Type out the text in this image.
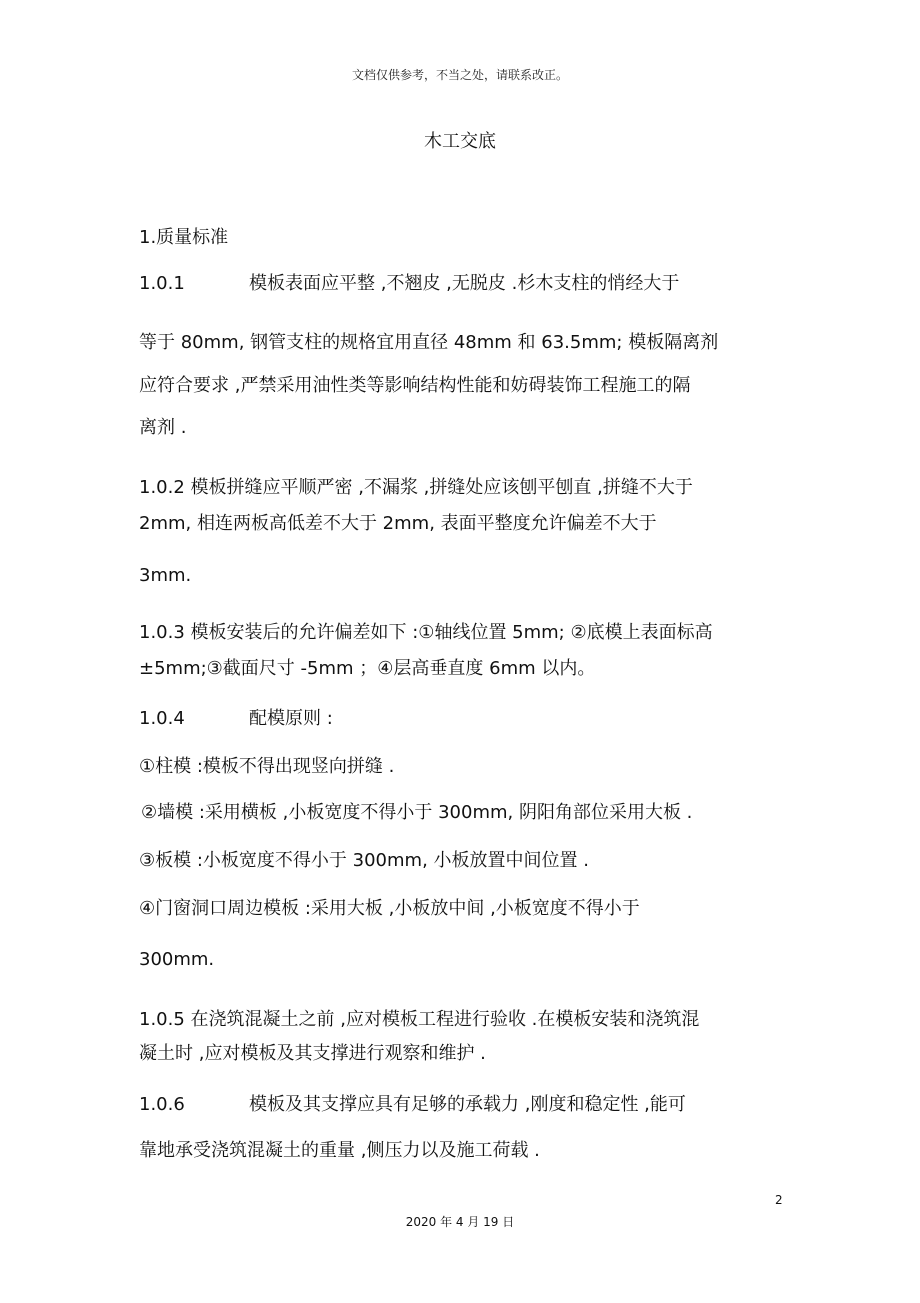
文档仅供参考，不当之处，请联系改正。

木工交底

1.质量标准

1.0.1	模板表面应平整 ,不翘皮 ,无脱皮 .杉木支柱的悄经大于

等于 80mm, 钢管支柱的规格宜用直径 48mm 和 63.5mm; 模板隔离剂

应符合要求 ,严禁采用油性类等影响结构性能和妨碍装饰工程施工的隔

离剂 .

1.0.2 模板拼缝应平顺严密 ,不漏浆 ,拼缝处应该刨平刨直 ,拼缝不大于

2mm, 相连两板高低差不大于 2mm, 表面平整度允许偏差不大于

3mm.

1.0.3 模板安装后的允许偏差如下 :①轴线位置 5mm; ②底模上表面标高

±5mm;③截面尺寸 -5mm ；④层高垂直度 6mm 以内。

1.0.4	配模原则 :

①柱模 :模板不得出现竖向拼缝 .

②墙模 :采用横板 ,小板宽度不得小于 300mm, 阴阳角部位采用大板 .

③板模 :小板宽度不得小于 300mm, 小板放置中间位置 .

④门窗洞口周边模板 :采用大板 ,小板放中间 ,小板宽度不得小于

300mm.

1.0.5 在浇筑混凝土之前 ,应对模板工程进行验收 .在模板安装和浇筑混

凝土时 ,应对模板及其支撑进行观察和维护 .

1.0.6	模板及其支撑应具有足够的承载力 ,刚度和稳定性 ,能可

靠地承受浇筑混凝土的重量 ,侧压力以及施工荷载 .

2

2020 年 4 月 19 日
